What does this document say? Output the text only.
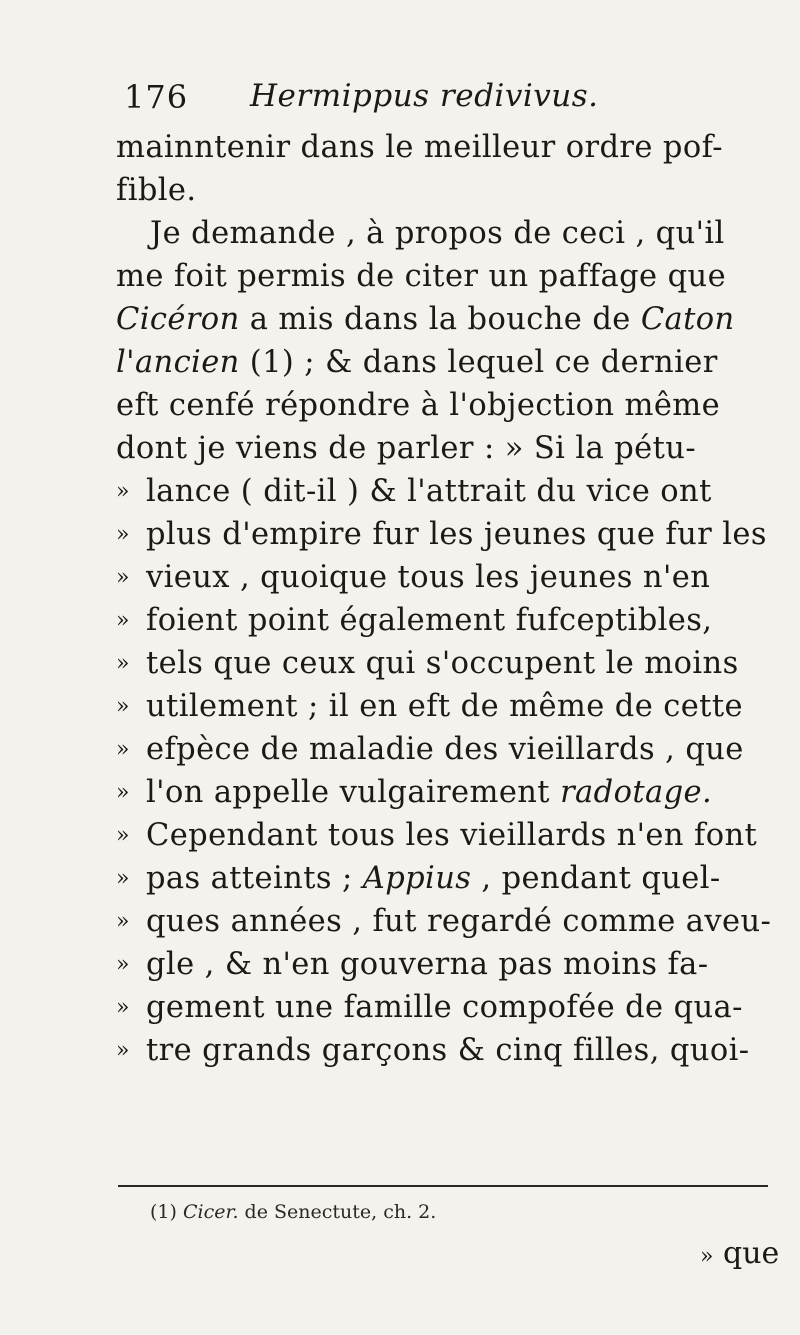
176 Hermippus redivivus.
mainntenir dans le meilleur ordre pof-
fible.
Je demande , à propos de ceci , qu'il
me foit permis de citer un paffage que
Cicéron a mis dans la bouche de Caton
l'ancien (1) ; & dans lequel ce dernier
eft cenfé répondre à l'objection même
dont je viens de parler : » Si la pétu-
» lance ( dit-il ) & l'attrait du vice ont
» plus d'empire fur les jeunes que fur les
» vieux , quoique tous les jeunes n'en
» foient point également fufceptibles,
» tels que ceux qui s'occupent le moins
» utilement ; il en eft de même de cette
» efpèce de maladie des vieillards , que
» l'on appelle vulgairement radotage.
» Cependant tous les vieillards n'en font
» pas atteints ; Appius , pendant quel-
» ques années , fut regardé comme aveu-
» gle , & n'en gouverna pas moins fa-
» gement une famille compofée de qua-
» tre grands garçons & cinq filles, quoi-
(1) Cicer. de Senectute, ch. 2.
» que
